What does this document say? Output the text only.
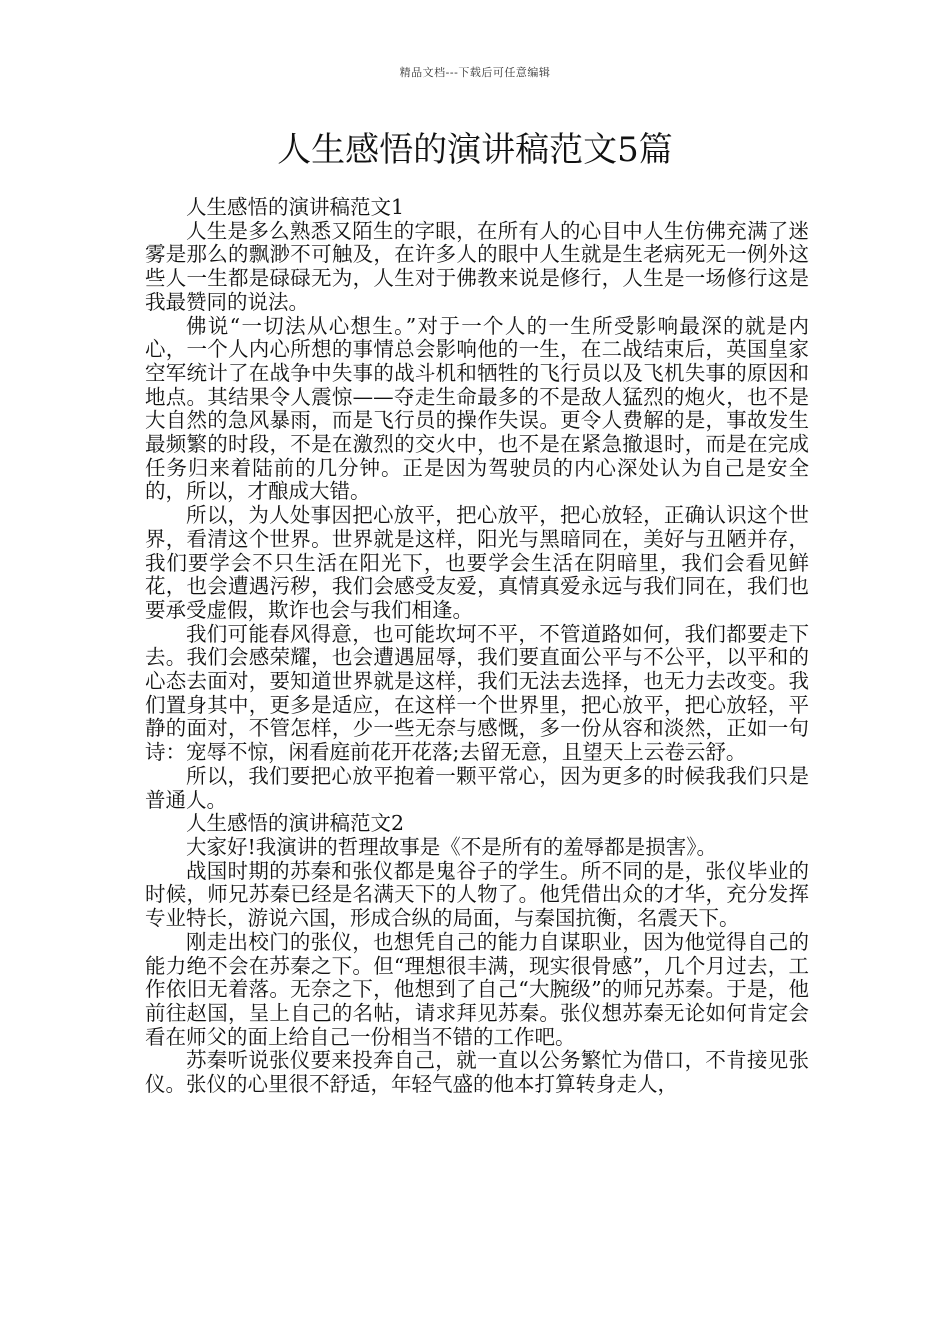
精品文档---下载后可任意编辑
人生感悟的演讲稿范文5篇

人生感悟的演讲稿范文1

人生是多么熟悉又陌生的字眼，在所有人的心目中人生仿佛充满了迷雾是那么的飘渺不可触及，在许多人的眼中人生就是生老病死无一例外这些人一生都是碌碌无为，人生对于佛教来说是修行，人生是一场修行这是我最赞同的说法。

佛说“一切法从心想生。”对于一个人的一生所受影响最深的就是内心，一个人内心所想的事情总会影响他的一生，在二战结束后，英国皇家空军统计了在战争中失事的战斗机和牺牲的飞行员以及飞机失事的原因和地点。其结果令人震惊——夺走生命最多的不是敌人猛烈的炮火，也不是大自然的急风暴雨，而是飞行员的操作失误。更令人费解的是，事故发生最频繁的时段，不是在激烈的交火中，也不是在紧急撤退时，而是在完成任务归来着陆前的几分钟。正是因为驾驶员的内心深处认为自己是安全的，所以，才酿成大错。

所以，为人处事因把心放平，把心放平，把心放轻，正确认识这个世界，看清这个世界。世界就是这样，阳光与黑暗同在，美好与丑陋并存，我们要学会不只生活在阳光下，也要学会生活在阴暗里，我们会看见鲜花，也会遭遇污秽，我们会感受友爱，真情真爱永远与我们同在，我们也要承受虚假，欺诈也会与我们相逢。

我们可能春风得意，也可能坎坷不平，不管道路如何，我们都要走下去。我们会感荣耀，也会遭遇屈辱，我们要直面公平与不公平，以平和的心态去面对，要知道世界就是这样，我们无法去选择，也无力去改变。我们置身其中，更多是适应，在这样一个世界里，把心放平，把心放轻，平静的面对，不管怎样，少一些无奈与感慨，多一份从容和淡然，正如一句诗：宠辱不惊，闲看庭前花开花落;去留无意，且望天上云卷云舒。

所以，我们要把心放平抱着一颗平常心，因为更多的时候我我们只是普通人。

人生感悟的演讲稿范文2

大家好!我演讲的哲理故事是《不是所有的羞辱都是损害》。

战国时期的苏秦和张仪都是鬼谷子的学生。所不同的是，张仪毕业的时候，师兄苏秦已经是名满天下的人物了。他凭借出众的才华，充分发挥专业特长，游说六国，形成合纵的局面，与秦国抗衡，名震天下。

刚走出校门的张仪，也想凭自己的能力自谋职业，因为他觉得自己的能力绝不会在苏秦之下。但“理想很丰满，现实很骨感”，几个月过去，工作依旧无着落。无奈之下，他想到了自己“大腕级”的师兄苏秦。于是，他前往赵国，呈上自己的名帖，请求拜见苏秦。张仪想苏秦无论如何肯定会看在师父的面上给自己一份相当不错的工作吧。

苏秦听说张仪要来投奔自己，就一直以公务繁忙为借口，不肯接见张仪。张仪的心里很不舒适，年轻气盛的他本打算转身走人，
